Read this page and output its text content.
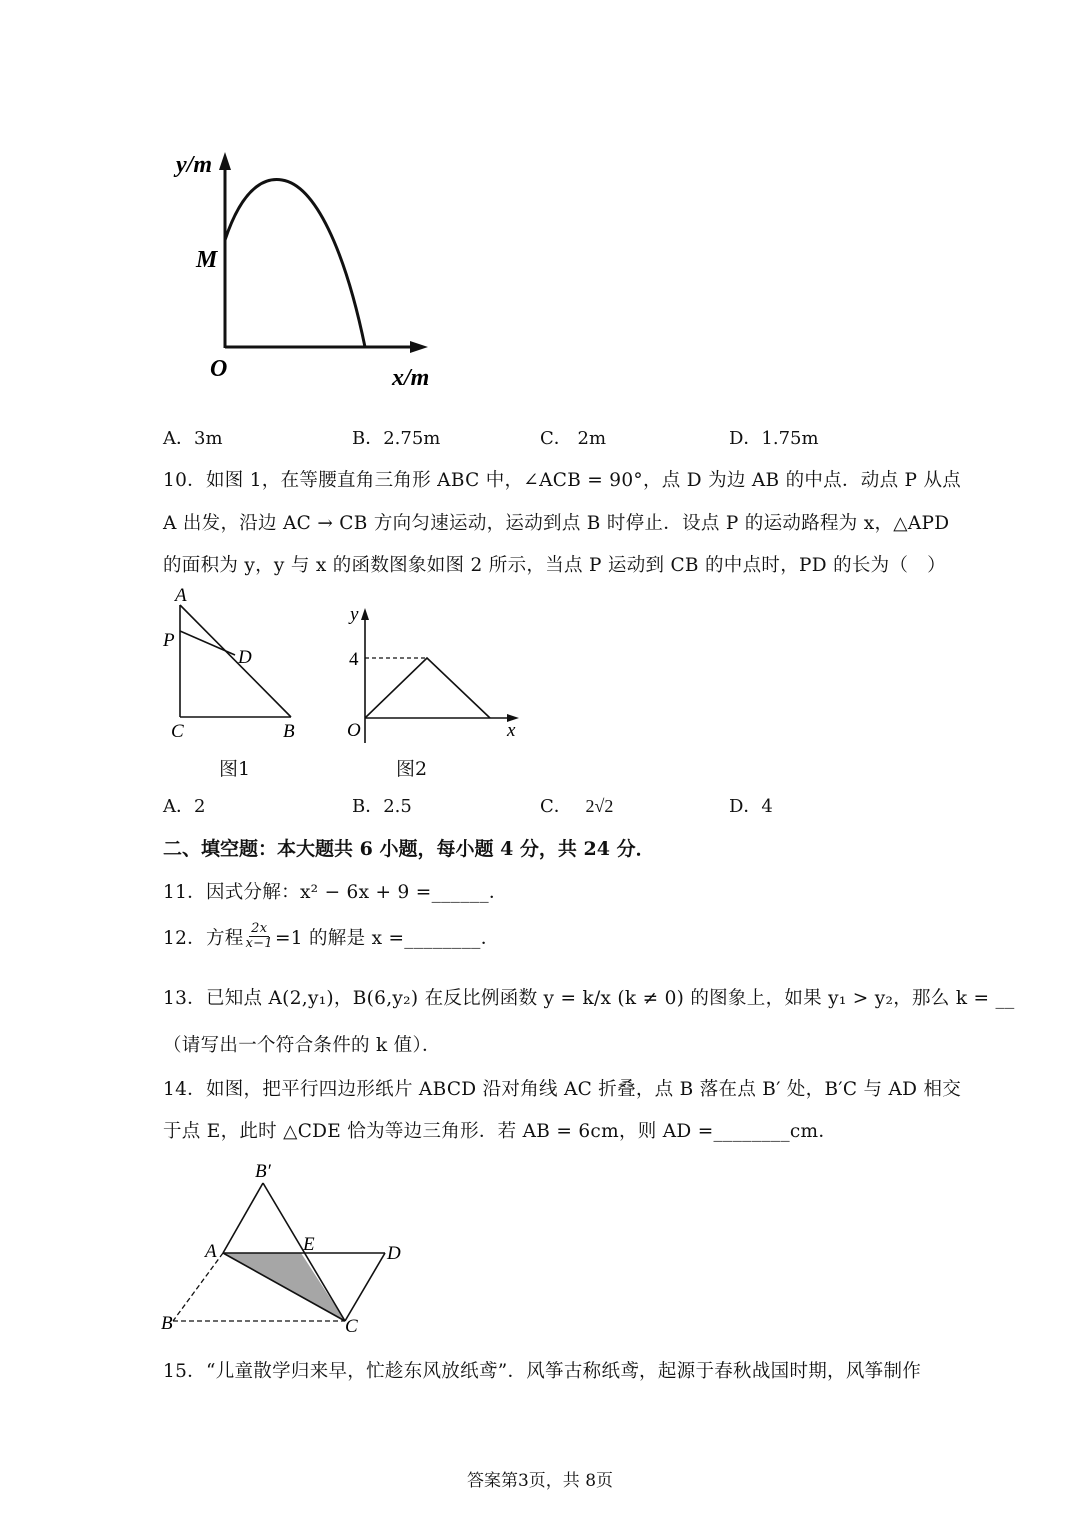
y/m
M
O	x/m
A．3m	B．2.75m	C． 2m	D．1.75m
10．如图 1，在等腰直角三角形 ABC 中，∠ACB = 90°，点 D 为边 AB 的中点．动点 P 从点
A 出发，沿边 AC → CB 方向匀速运动，运动到点 B 时停止．设点 P 的运动路程为 x，△APD
的面积为 y，y 与 x 的函数图象如图 2 所示，当点 P 运动到 CB 的中点时，PD 的长为（　）
A
P
D
C	B
图1
y
4
O	x
图2
A．2	B．2.5	C． 2√2	D．4
二、填空题：本大题共 6 小题，每小题 4 分，共 24 分．
11．因式分解：x² − 6x + 9 =______．
12．方程 $\frac{2x}{x-1} =1$ 的解是 x =________．
13．已知点 A(2,y₁)，B(6,y₂) 在反比例函数 y = k/x (k ≠ 0) 的图象上，如果 y₁ > y₂，那么 k = __
（请写出一个符合条件的 k 值）．
14．如图，把平行四边形纸片 ABCD 沿对角线 AC 折叠，点 B 落在点 B′ 处，B′C 与 AD 相交
于点 E，此时 △CDE 恰为等边三角形．若 AB = 6cm，则 AD =________cm．
B′
A	E	D
B	C
15．“儿童散学归来早，忙趁东风放纸鸢”．风筝古称纸鸢，起源于春秋战国时期，风筝制作
答案第3页，共 8页
